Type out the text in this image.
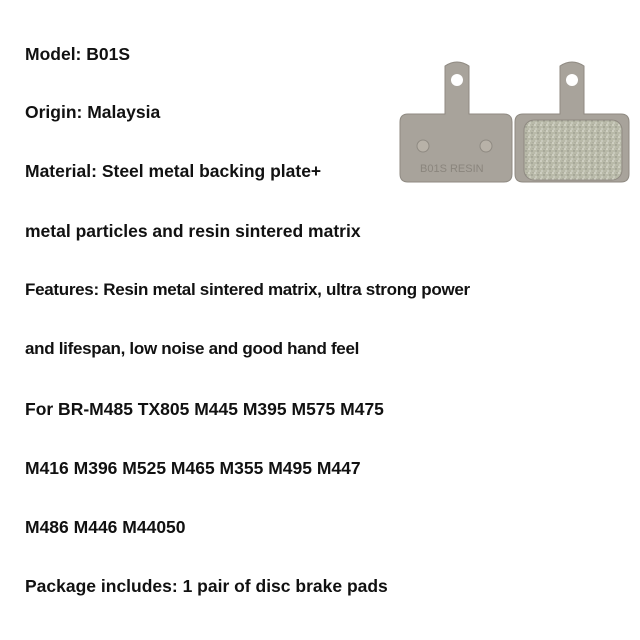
Model: B01S
Origin: Malaysia
Material: Steel metal backing plate+
metal particles and resin sintered matrix
Features: Resin metal sintered matrix, ultra strong power
and lifespan, low noise and good hand feel
For BR-M485 TX805 M445 M395 M575 M475
M416 M396 M525 M465 M355 M495 M447
M486 M446 M44050
Package includes: 1 pair of disc brake pads
B01S RESIN
